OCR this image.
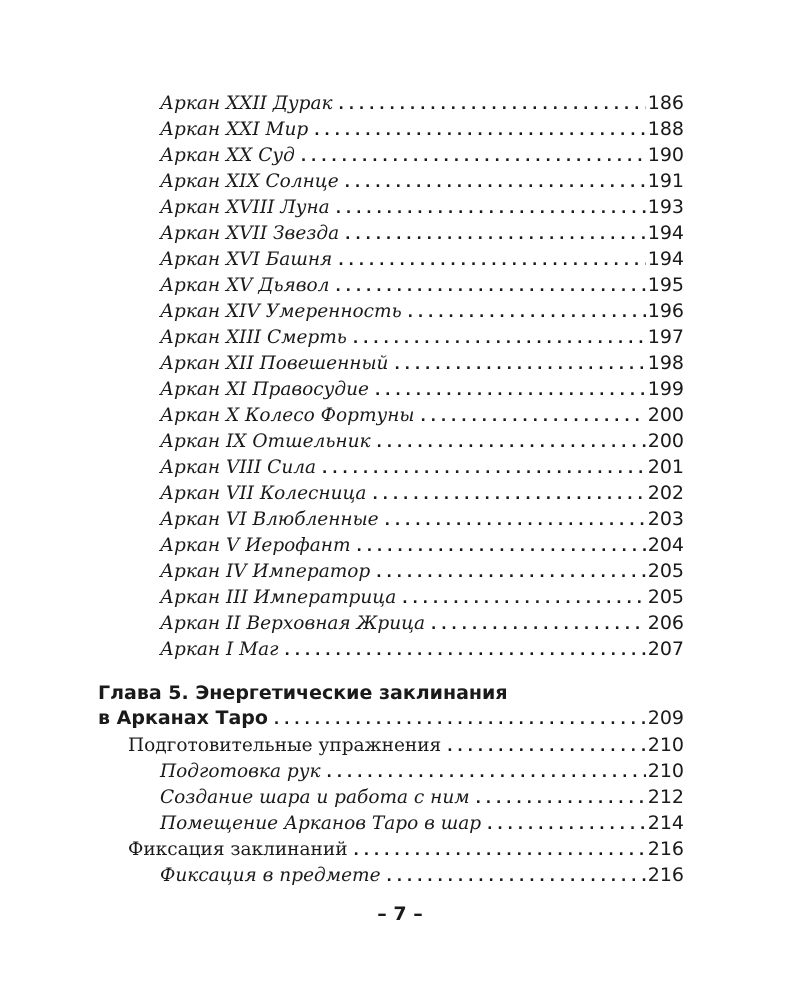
Аркан XXII Дурак . . .	186
Аркан XXI Мир . . .	188
Аркан XX Суд . . .	190
Аркан XIX Солнце . . .	191
Аркан XVIII Луна . . .	193
Аркан XVII Звезда . . .	194
Аркан XVI Башня . . .	194
Аркан XV Дьявол . . .	195
Аркан XIV Умеренность . . .	196
Аркан XIII Смерть . . .	197
Аркан XII Повешенный . . .	198
Аркан XI Правосудие . . .	199
Аркан X Колесо Фортуны . . .	200
Аркан IX Отшельник . . .	200
Аркан VIII Сила . . .	201
Аркан VII Колесница . . .	202
Аркан VI Влюбленные . . .	203
Аркан V Иерофант . . .	204
Аркан IV Император . . .	205
Аркан III Императрица . . .	205
Аркан II Верховная Жрица . . .	206
Аркан I Маг . . .	207
Глава 5. Энергетические заклинания
в Арканах Таро . . .	209
Подготовительные упражнения . . .	210
Подготовка рук . . .	210
Создание шара и работа с ним . . .	212
Помещение Арканов Таро в шар . . .	214
Фиксация заклинаний . . .	216
Фиксация в предмете . . .	216
– 7 –
